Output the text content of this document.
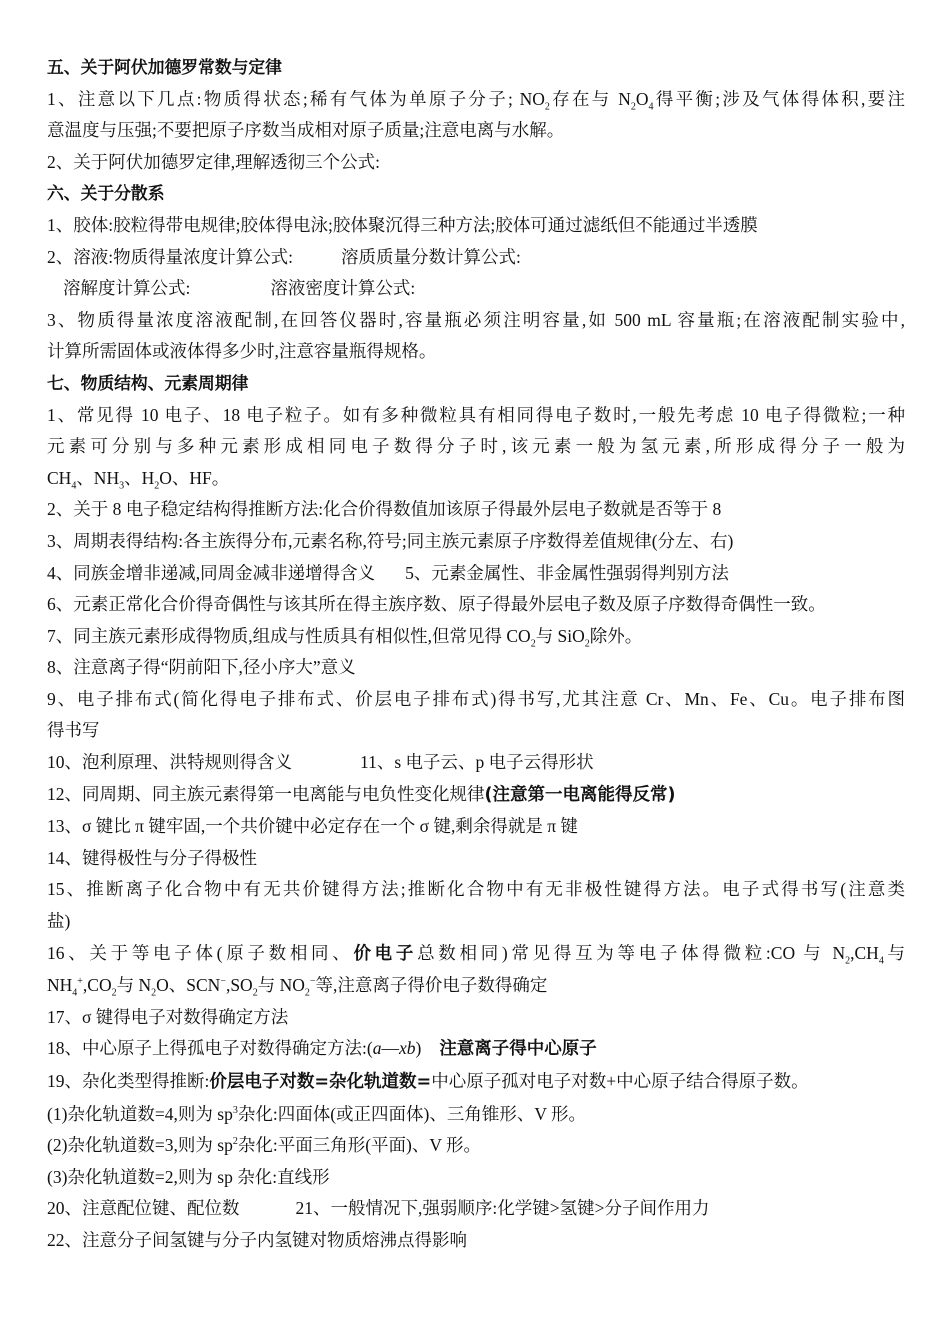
五、关于阿伏加德罗常数与定律
1、注意以下几点:物质得状态;稀有气体为单原子分子; $NO_2$存在与 $N_2O_4$得平衡;涉及气体得体积,要注
意温度与压强;不要把原子序数当成相对原子质量;注意电离与水解。
2、关于阿伏加德罗定律,理解透彻三个公式:
六、关于分散系
1、胶体:胶粒得带电规律;胶体得电泳;胶体聚沉得三种方法;胶体可通过滤纸但不能通过半透膜
2、溶液:物质得量浓度计算公式:	溶质质量分数计算公式:
溶解度计算公式:	溶液密度计算公式:
3、物质得量浓度溶液配制,在回答仪器时,容量瓶必须注明容量,如 500 mL 容量瓶;在溶液配制实验中,
计算所需固体或液体得多少时,注意容量瓶得规格。
七、物质结构、元素周期律
1、常见得 10 电子、18 电子粒子。如有多种微粒具有相同得电子数时,一般先考虑 10 电子得微粒;一种
元素可分别与多种元素形成相同电子数得分子时,该元素一般为氢元素,所形成得分子一般为
$CH_4$、$NH_3$、$H_2O$、HF。
2、关于 8 电子稳定结构得推断方法:化合价得数值加该原子得最外层电子数就是否等于 8
3、周期表得结构:各主族得分布,元素名称,符号;同主族元素原子序数得差值规律(分左、右)
4、同族金增非递减,同周金减非递增得含义 5、元素金属性、非金属性强弱得判别方法
6、元素正常化合价得奇偶性与该其所在得主族序数、原子得最外层电子数及原子序数得奇偶性一致。
7、同主族元素形成得物质,组成与性质具有相似性,但常见得 $CO_2$与 SiO$_2$除外。
8、注意离子得“阴前阳下,径小序大”意义
9、电子排布式(简化得电子排布式、价层电子排布式)得书写,尤其注意 Cr、Mn、Fe、Cu。电子排布图
得书写
10、泡利原理、洪特规则得含义	11、s 电子云、p 电子云得形状
12、同周期、同主族元素得第一电离能与电负性变化规律(注意第一电离能得反常)
13、σ 键比 π 键牢固,一个共价键中必定存在一个 σ 键,剩余得就是 π 键
14、键得极性与分子得极性
15、推断离子化合物中有无共价键得方法;推断化合物中有无非极性键得方法。电子式得书写(注意类
盐)
16、关于等电子体(原子数相同、价电子总数相同)常见得互为等电子体得微粒:CO 与 $N_2,CH_4$与
$NH_4^+,CO_2$与 $N_2O$、$SCN^-,SO_2$与 $NO_2^-$等,注意离子得价电子数得确定
17、σ 键得电子对数得确定方法
18、中心原子上得孤电子对数得确定方法:(a—xb) 注意离子得中心原子
19、杂化类型得推断:价层电子对数=杂化轨道数=中心原子孤对电子对数+中心原子结合得原子数。
(1)杂化轨道数=4,则为 $sp^3$杂化:四面体(或正四面体)、三角锥形、V 形。
(2)杂化轨道数=3,则为 $sp^2$杂化:平面三角形(平面)、V 形。
(3)杂化轨道数=2,则为 sp 杂化:直线形
20、注意配位键、配位数	21、一般情况下,强弱顺序:化学键>氢键>分子间作用力
22、注意分子间氢键与分子内氢键对物质熔沸点得影响
